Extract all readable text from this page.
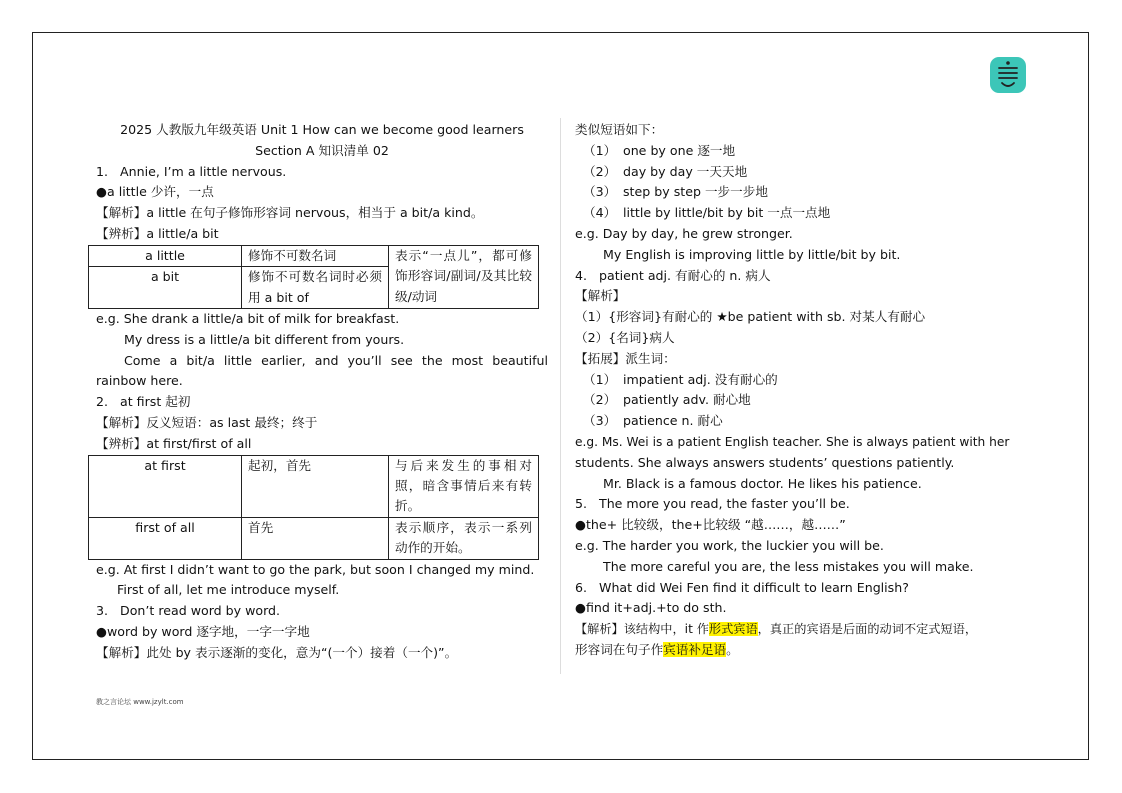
2025 人教版九年级英语 Unit 1 How can we become good learners
Section A 知识清单 02
1. Annie, I’m a little nervous.
●a little 少许，一点
【解析】a little 在句子修饰形容词 nervous，相当于 a bit/a kind。
【辨析】a little/a bit
a little	修饰不可数名词	表示“一点儿”，都可修饰形容词/副词/及其比较级/动词
a bit	修饰不可数名词时必须用 a bit of	
e.g. She drank a little/a bit of milk for breakfast.
My dress is a little/a bit different from yours.
Come a bit/a little earlier, and you’ll see the most beautiful
rainbow here.
2. at first 起初
【解析】反义短语：as last 最终；终于
【辨析】at first/first of all
at first	起初，首先	与后来发生的事相对照，暗含事情后来有转折。
first of all	首先	表示顺序，表示一系列动作的开始。
e.g. At first I didn’t want to go the park, but soon I changed my mind.
First of all, let me introduce myself.
3. Don’t read word by word.
●word by word 逐字地，一字一字地
【解析】此处 by 表示逐渐的变化，意为“(一个）接着（一个)”。
类似短语如下：
（1） one by one 逐一地
（2） day by day 一天天地
（3） step by step 一步一步地
（4） little by little/bit by bit 一点一点地
e.g. Day by day, he grew stronger.
My English is improving little by little/bit by bit.
4. patient adj. 有耐心的 n. 病人
【解析】
（1）{形容词}有耐心的 ★be patient with sb. 对某人有耐心
（2）{名词}病人
【拓展】派生词：
（1） impatient adj. 没有耐心的
（2） patiently adv. 耐心地
（3） patience n. 耐心
e.g. Ms. Wei is a patient English teacher. She is always patient with her
students. She always answers students’ questions patiently.
Mr. Black is a famous doctor. He likes his patience.
5. The more you read, the faster you’ll be.
●the+ 比较级，the+比较级 “越……，越……”
e.g. The harder you work, the luckier you will be.
The more careful you are, the less mistakes you will make.
6. What did Wei Fen find it difficult to learn English?
●find it+adj.+to do sth.
【解析】该结构中，it 作形式宾语，真正的宾语是后面的动词不定式短语，
形容词在句子作宾语补足语。
教之言论坛 www.jzylt.com
